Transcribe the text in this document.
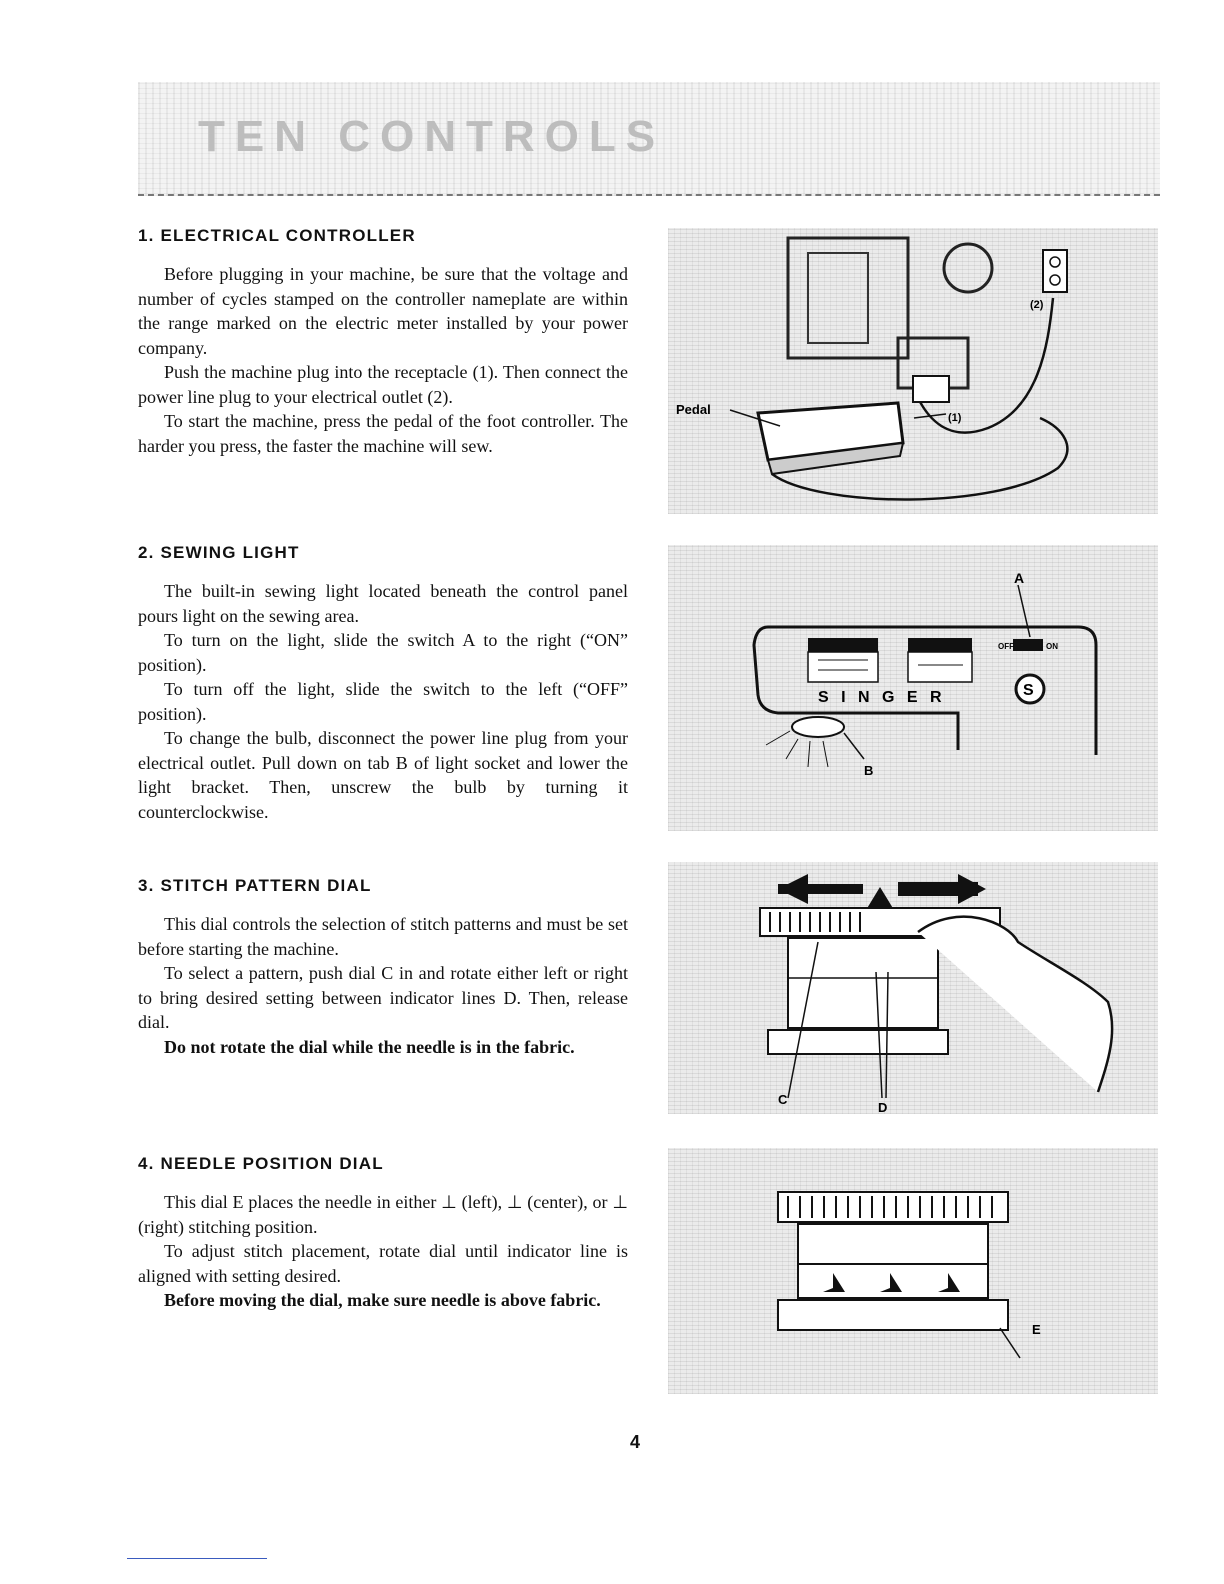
TEN CONTROLS
1. ELECTRICAL CONTROLLER

Before plugging in your machine, be sure that the voltage and number of cycles stamped on the controller nameplate are within the range marked on the electric meter installed by your power company.

Push the machine plug into the receptacle (1). Then connect the power line plug to your electrical outlet (2).

To start the machine, press the pedal of the foot controller. The harder you press, the faster the machine will sew.

Pedal
(1)
(2)
2. SEWING LIGHT

The built-in sewing light located beneath the control panel pours light on the sewing area.

To turn on the light, slide the switch A to the right (“ON” position).

To turn off the light, slide the switch to the left (“OFF” position).

To change the bulb, disconnect the power line plug from your electrical outlet. Pull down on tab B of light socket and lower the light bracket. Then, unscrew the bulb by turning it counterclockwise.

OFF	ON
A
S I N G E R	S
B
3. STITCH PATTERN DIAL

This dial controls the selection of stitch patterns and must be set before starting the machine.

To select a pattern, push dial C in and rotate either left or right to bring desired setting between indicator lines D. Then, release dial.

Do not rotate the dial while the needle is in the fabric.

C
D
4. NEEDLE POSITION DIAL

This dial E places the needle in either ⊥ (left), ⊥ (center), or ⊥ (right) stitching position.

To adjust stitch placement, rotate dial until indicator line is aligned with setting desired.

Before moving the dial, make sure needle is above fabric.

E
4
